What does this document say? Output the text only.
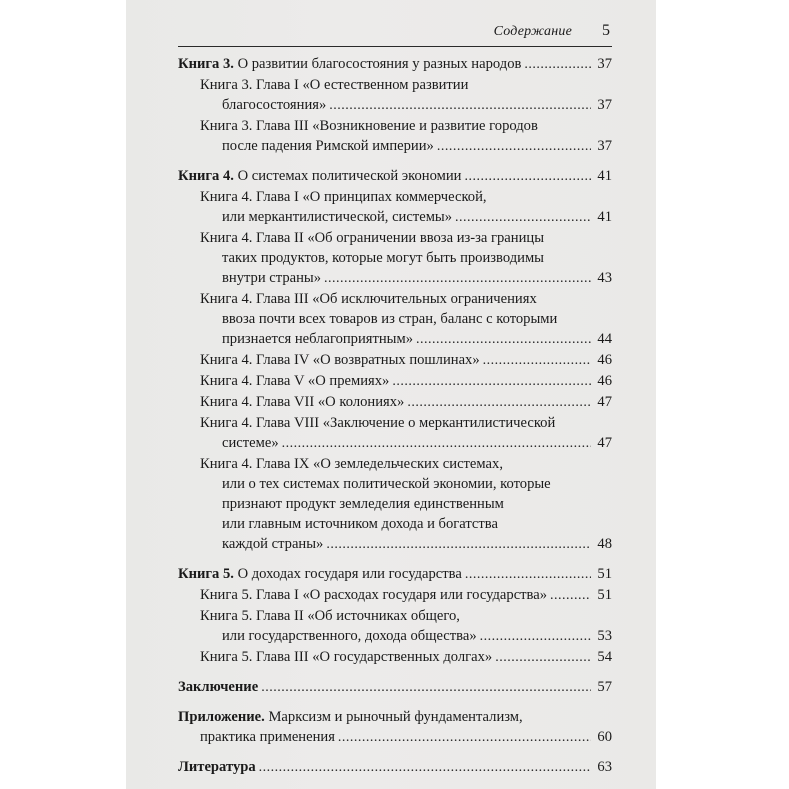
Содержание 5
Книга 3. О развитии благосостояния у разных народов .....	37
Книга 3. Глава I «О естественном развитии
благосостояния» .....	37
Книга 3. Глава III «Возникновение и развитие городов
после падения Римской империи» .....	37
Книга 4. О системах политической экономии .....	41
Книга 4. Глава I «О принципах коммерческой,
или меркантилистической, системы» .....	41
Книга 4. Глава II «Об ограничении ввоза из-за границы
таких продуктов, которые могут быть производимы
внутри страны» .....	43
Книга 4. Глава III «Об исключительных ограничениях
ввоза почти всех товаров из стран, баланс с которыми
признается неблагоприятным» .....	44
Книга 4. Глава IV «О возвратных пошлинах» .....	46
Книга 4. Глава V «О премиях» .....	46
Книга 4. Глава VII «О колониях» .....	47
Книга 4. Глава VIII «Заключение о меркантилистической
системе» .....	47
Книга 4. Глава IX «О земледельческих системах,
или о тех системах политической экономии, которые
признают продукт земледелия единственным
или главным источником дохода и богатства
каждой страны» .....	48
Книга 5. О доходах государя или государства .....	51
Книга 5. Глава I «О расходах государя или государства» .....	51
Книга 5. Глава II «Об источниках общего,
или государственного, дохода общества» .....	53
Книга 5. Глава III «О государственных долгах» .....	54
Заключение .....	57
Приложение. Марксизм и рыночный фундаментализм,
практика применения .....	60
Литература .....	63
